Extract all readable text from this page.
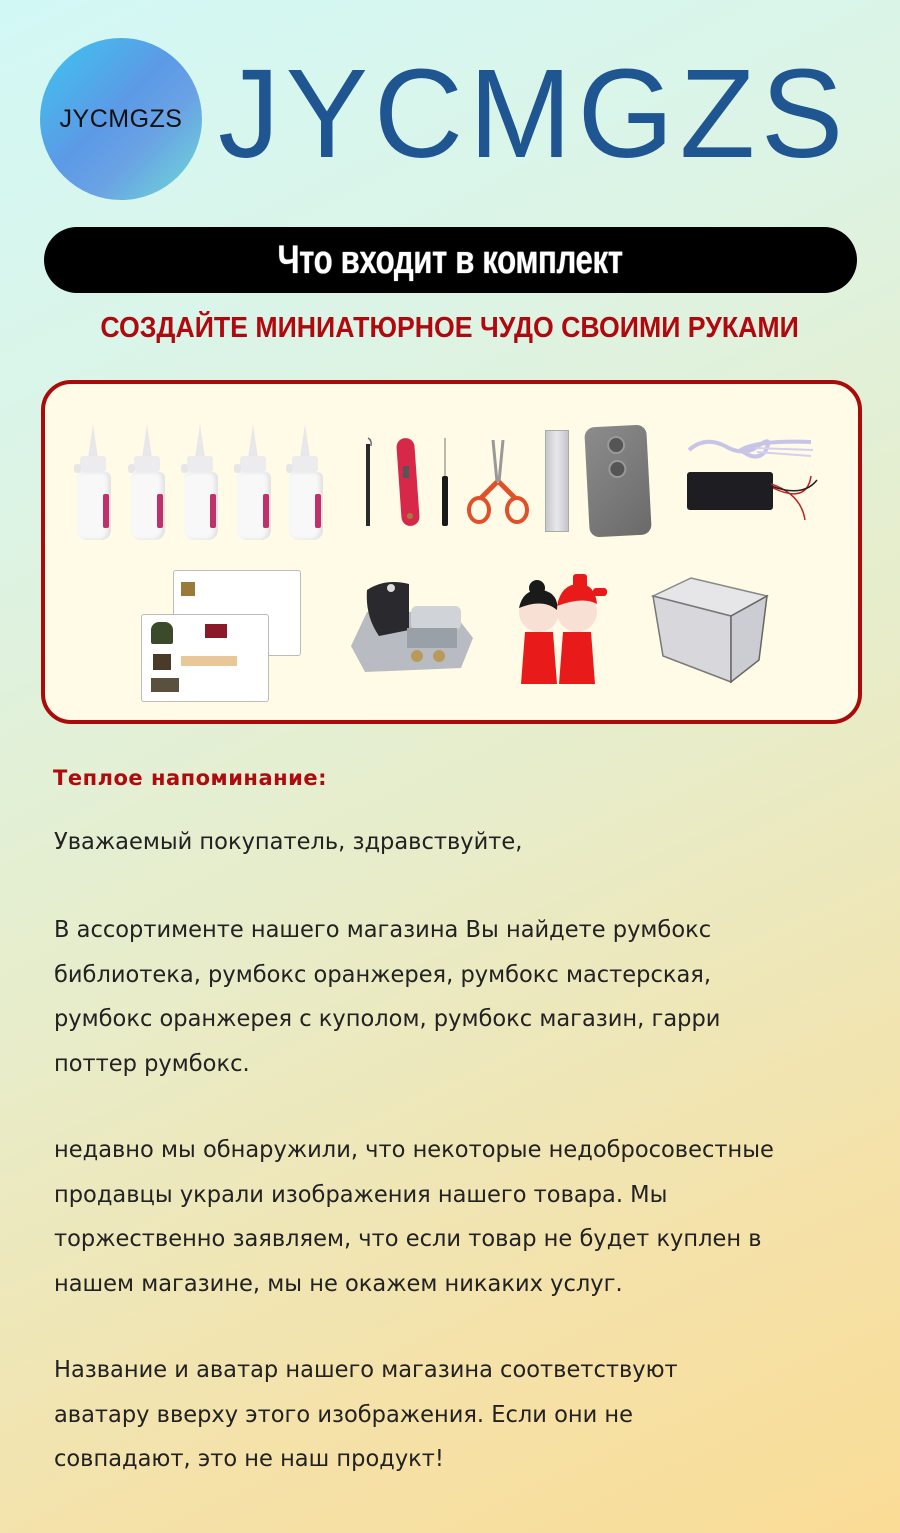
JYCMGZS JYCMGZS
Что входит в комплект
СОЗДАЙТЕ МИНИАТЮРНОЕ ЧУДО СВОИМИ РУКАМИ
Теплое напоминание:
Уважаемый покупатель, здравствуйте,
В ассортименте нашего магазина Вы найдете румбокс
библиотека, румбокс оранжерея, румбокс мастерская,
румбокс оранжерея с куполом, румбокс магазин, гарри
поттер румбокс.
недавно мы обнаружили, что некоторые недобросовестные
продавцы украли изображения нашего товара. Мы
торжественно заявляем, что если товар не будет куплен в
нашем магазине, мы не окажем никаких услуг.
Название и аватар нашего магазина соответствуют
аватару вверху этого изображения. Если они не
совпадают, это не наш продукт!
